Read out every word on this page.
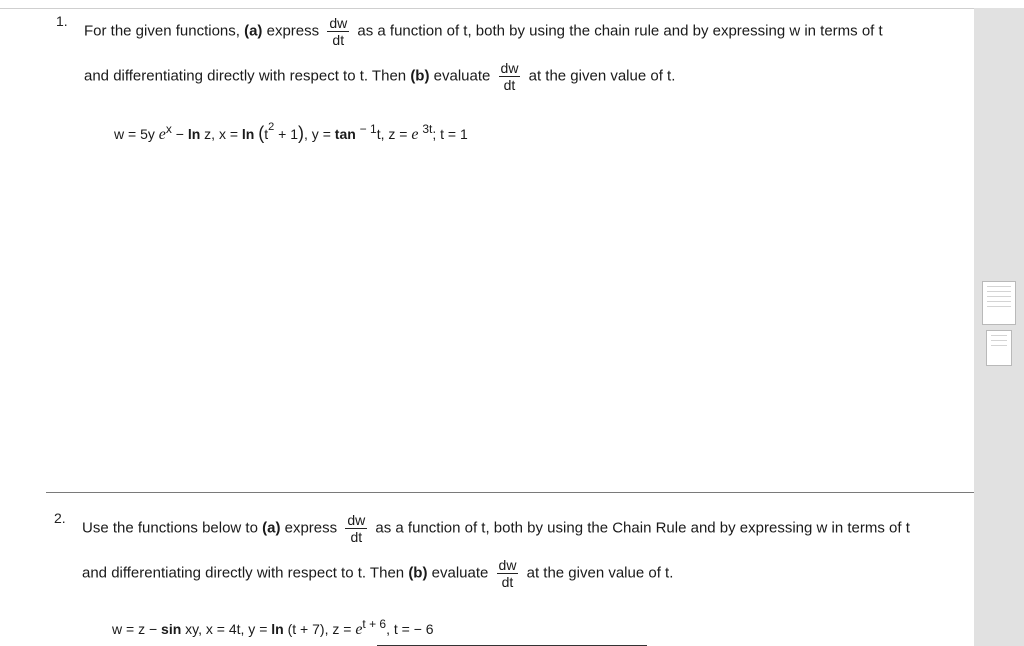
1.
For the given functions, (a) express $\frac{dw}{dt}$ as a function of t, both by using the chain rule and by expressing w in terms of t
and differentiating directly with respect to t. Then (b) evaluate $\frac{dw}{dt}$ at the given value of t.
w = 5y ex − ln z, $x = \ln (t^2 + 1)$, y = tan − 1t, z = e 3t; t = 1
2.
Use the functions below to (a) express $\frac{dw}{dt}$ as a function of t, both by using the Chain Rule and by expressing w in terms of t
and differentiating directly with respect to t. Then (b) evaluate $\frac{dw}{dt}$ at the given value of t.
w = z − sin xy, x = 4t, y = ln (t + 7), z = et + 6, t = − 6
